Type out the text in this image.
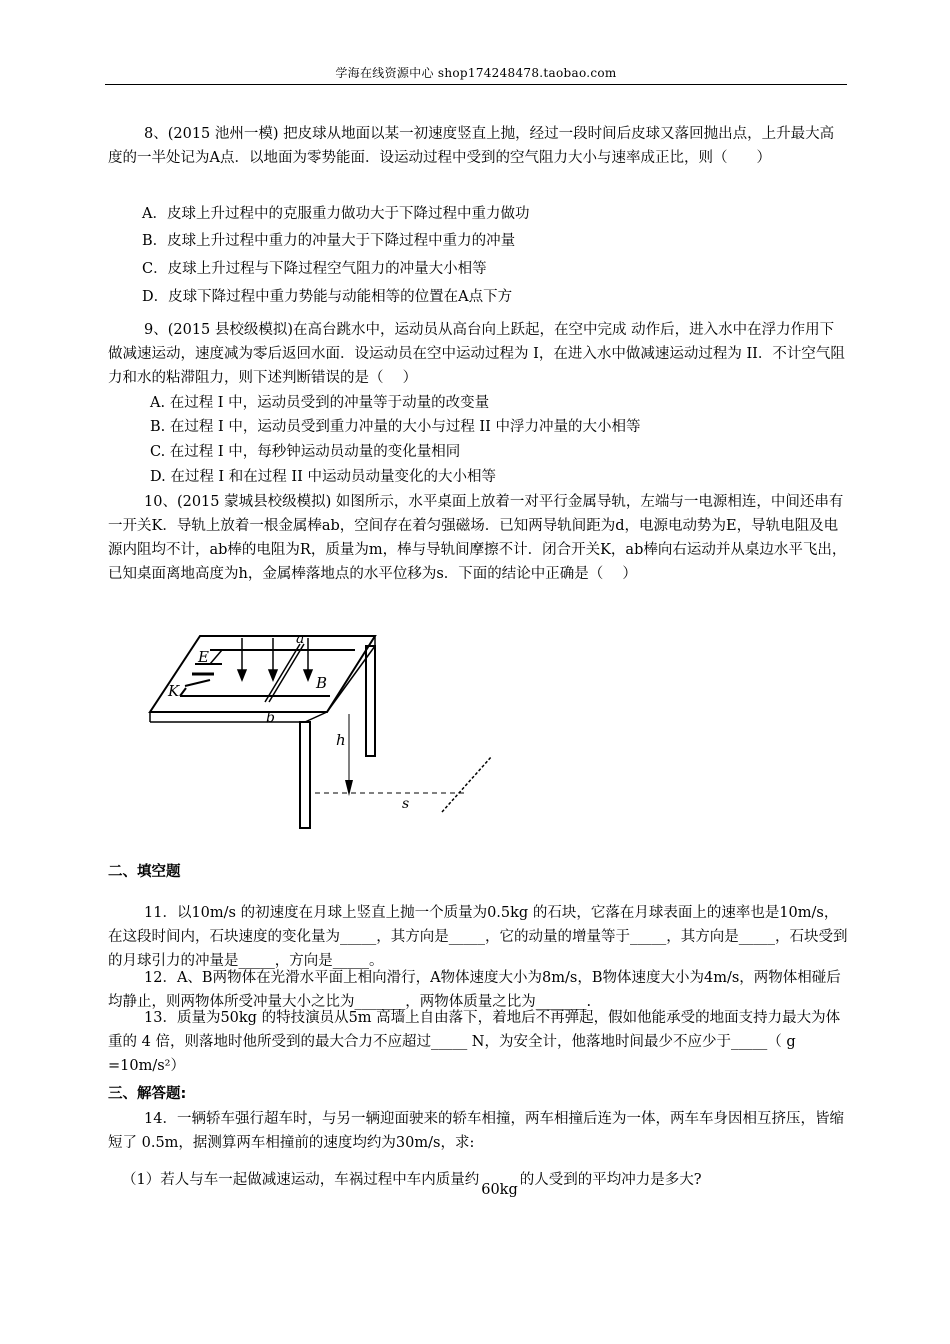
学海在线资源中心 shop174248478.taobao.com

8、(2015 池州一模) 把皮球从地面以某一初速度竖直上抛，经过一段时间后皮球又落回抛出点，上升最大高度的一半处记为A点．以地面为零势能面．设运动过程中受到的空气阻力大小与速率成正比，则（　　）

A．皮球上升过程中的克服重力做功大于下降过程中重力做功

B．皮球上升过程中重力的冲量大于下降过程中重力的冲量

C．皮球上升过程与下降过程空气阻力的冲量大小相等

D．皮球下降过程中重力势能与动能相等的位置在A点下方

9、(2015 县校级模拟)在高台跳水中，运动员从高台向上跃起，在空中完成 动作后，进入水中在浮力作用下做减速运动，速度减为零后返回水面．设运动员在空中运动过程为 I，在进入水中做减速运动过程为 II．不计空气阻力和水的粘滞阻力，则下述判断错误的是（　 ）

A. 在过程 I 中，运动员受到的冲量等于动量的改变量

B. 在过程 I 中，运动员受到重力冲量的大小与过程 II 中浮力冲量的大小相等

C. 在过程 I 中，每秒钟运动员动量的变化量相同

D. 在过程 I 和在过程 II 中运动员动量变化的大小相等

10、(2015 蒙城县校级模拟) 如图所示，水平桌面上放着一对平行金属导轨，左端与一电源相连，中间还串有一开关K．导轨上放着一根金属棒ab，空间存在着匀强磁场．已知两导轨间距为d，电源电动势为E，导轨电阻及电源内阻均不计，ab棒的电阻为R，质量为m，棒与导轨间摩擦不计．闭合开关K，ab棒向右运动并从桌边水平飞出，已知桌面离地高度为h，金属棒落地点的水平位移为s．下面的结论中正确是（　 ）

E
K
a
B
b
h
s

二、填空题

11．以10m/s 的初速度在月球上竖直上抛一个质量为0.5kg 的石块，它落在月球表面上的速率也是10m/s，在这段时间内，石块速度的变化量为_____，其方向是_____，它的动量的增量等于_____，其方向是_____，石块受到的月球引力的冲量是_____，方向是_____。

12．A、B两物体在光滑水平面上相向滑行，A物体速度大小为8m/s，B物体速度大小为4m/s，两物体相碰后均静止，则两物体所受冲量大小之比为_______，两物体质量之比为_______.

13．质量为50kg 的特技演员从5m 高墙上自由落下，着地后不再弹起，假如他能承受的地面支持力最大为体重的 4 倍，则落地时他所受到的最大合力不应超过_____ N，为安全计，他落地时间最少不应少于_____（ g =10m/s²）

三、解答题:

14．一辆轿车强行超车时，与另一辆迎面驶来的轿车相撞，两车相撞后连为一体，两车车身因相互挤压，皆缩短了 0.5m，据测算两车相撞前的速度均约为30m/s，求:

（1）若人与车一起做减速运动，车祸过程中车内质量约60kg的人受到的平均冲力是多大?
